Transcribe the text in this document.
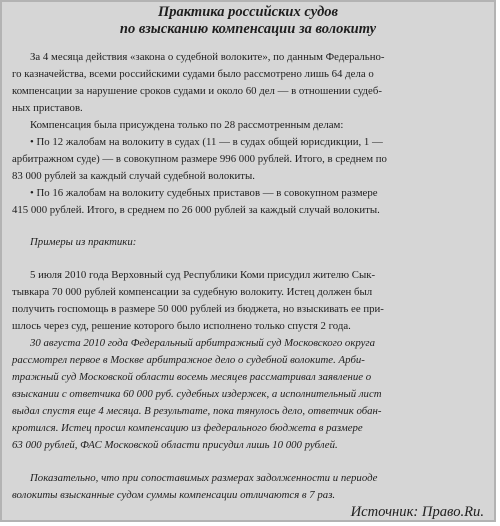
Практика российских судов
по взысканию компенсации за волокиту
За 4 месяца действия «закона о судебной волоките», по данным Федерально-
го казначейства, всеми российскими судами было рассмотрено лишь 64 дела о
компенсации за нарушение сроков судами и около 60 дел — в отношении судеб-
ных приставов.
Компенсация была присуждена только по 28 рассмотренным делам:
• По 12 жалобам на волокиту в судах (11 — в судах общей юрисдикции, 1 —
арбитражном суде) — в совокупном размере 996 000 рублей. Итого, в среднем по
83 000 рублей за каждый случай судебной волокиты.
• По 16 жалобам на волокиту судебных приставов — в совокупном размере
415 000 рублей. Итого, в среднем по 26 000 рублей за каждый случай волокиты.
Примеры из практики:
5 июля 2010 года Верховный суд Республики Коми присудил жителю Сык-
тывкара 70 000 рублей компенсации за судебную волокиту. Истец должен был
получить госпомощь в размере 50 000 рублей из бюджета, но взыскивать ее при-
шлось через суд, решение которого было исполнено только спустя 2 года.
30 августа 2010 года Федеральный арбитражный суд Московского округа
рассмотрел первое в Москве арбитражное дело о судебной волоките. Арби-
тражный суд Московской области восемь месяцев рассматривал заявление о
взыскании с ответчика 60 000 руб. судебных издержек, а исполнительный лист
выдал спустя еще 4 месяца. В результате, пока тянулось дело, ответчик обан-
кротился. Истец просил компенсацию из федерального бюджета в размере
63 000 рублей, ФАС Московской области присудил лишь 10 000 рублей.
Показательно, что при сопоставимых размерах задолженности и периоде
волокиты взысканные судом суммы компенсации отличаются в 7 раз.
Источник: Право.Ru.
